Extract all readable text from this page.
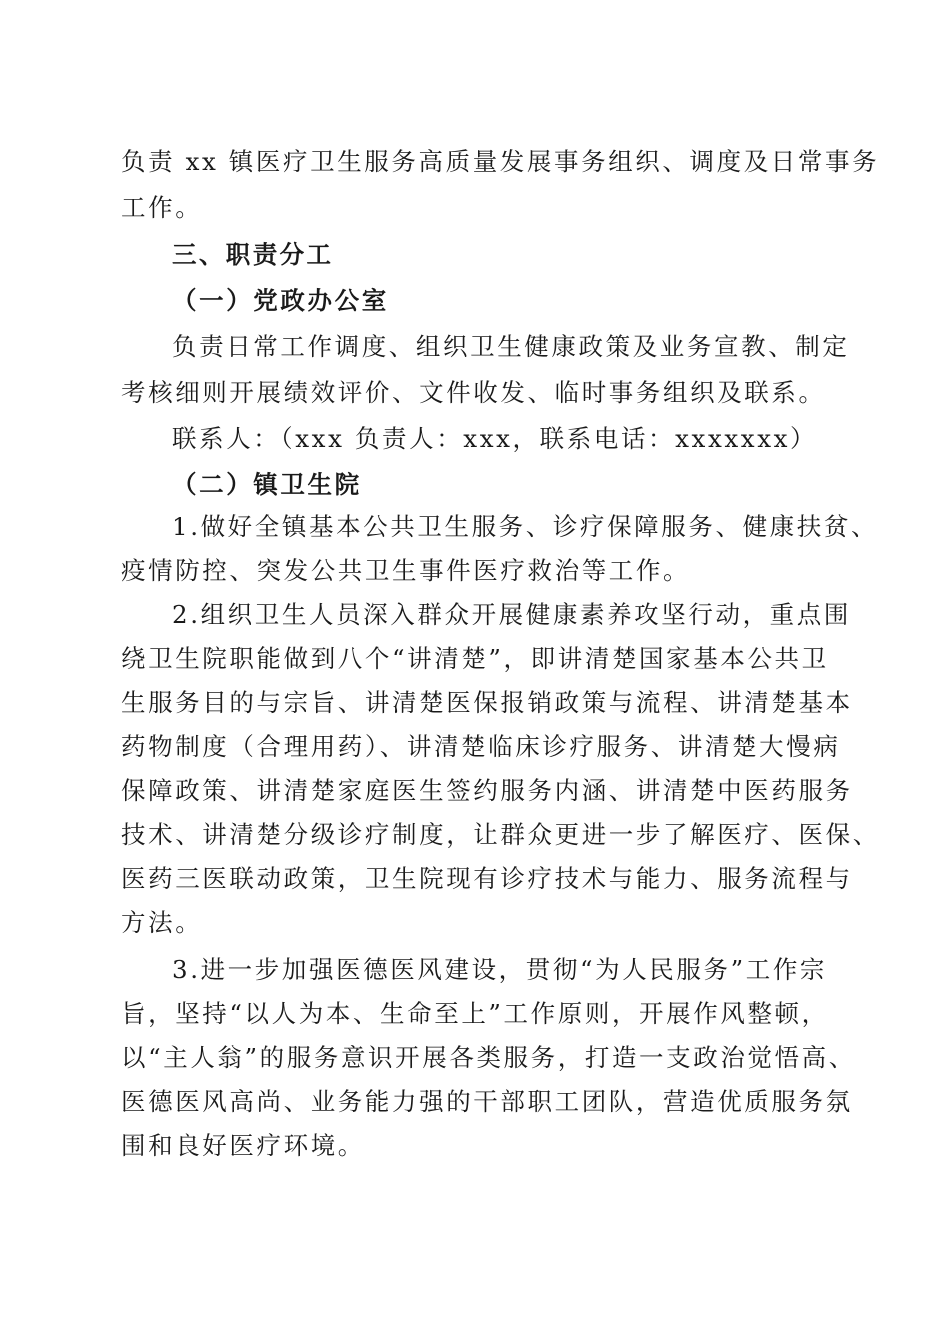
负责 xx 镇医疗卫生服务高质量发展事务组织、调度及日常事务
工作。
三、职责分工
（一）党政办公室
负责日常工作调度、组织卫生健康政策及业务宣教、制定
考核细则开展绩效评价、文件收发、临时事务组织及联系。
联系人：（xxx 负责人：xxx，联系电话：xxxxxxx）
（二）镇卫生院
1.做好全镇基本公共卫生服务、诊疗保障服务、健康扶贫、
疫情防控、突发公共卫生事件医疗救治等工作。
2.组织卫生人员深入群众开展健康素养攻坚行动，重点围
绕卫生院职能做到八个“讲清楚”，即讲清楚国家基本公共卫
生服务目的与宗旨、讲清楚医保报销政策与流程、讲清楚基本
药物制度（合理用药）、讲清楚临床诊疗服务、讲清楚大慢病
保障政策、讲清楚家庭医生签约服务内涵、讲清楚中医药服务
技术、讲清楚分级诊疗制度，让群众更进一步了解医疗、医保、
医药三医联动政策，卫生院现有诊疗技术与能力、服务流程与
方法。
3.进一步加强医德医风建设，贯彻“为人民服务”工作宗
旨，坚持“以人为本、生命至上”工作原则，开展作风整顿，
以“主人翁”的服务意识开展各类服务，打造一支政治觉悟高、
医德医风高尚、业务能力强的干部职工团队，营造优质服务氛
围和良好医疗环境。
